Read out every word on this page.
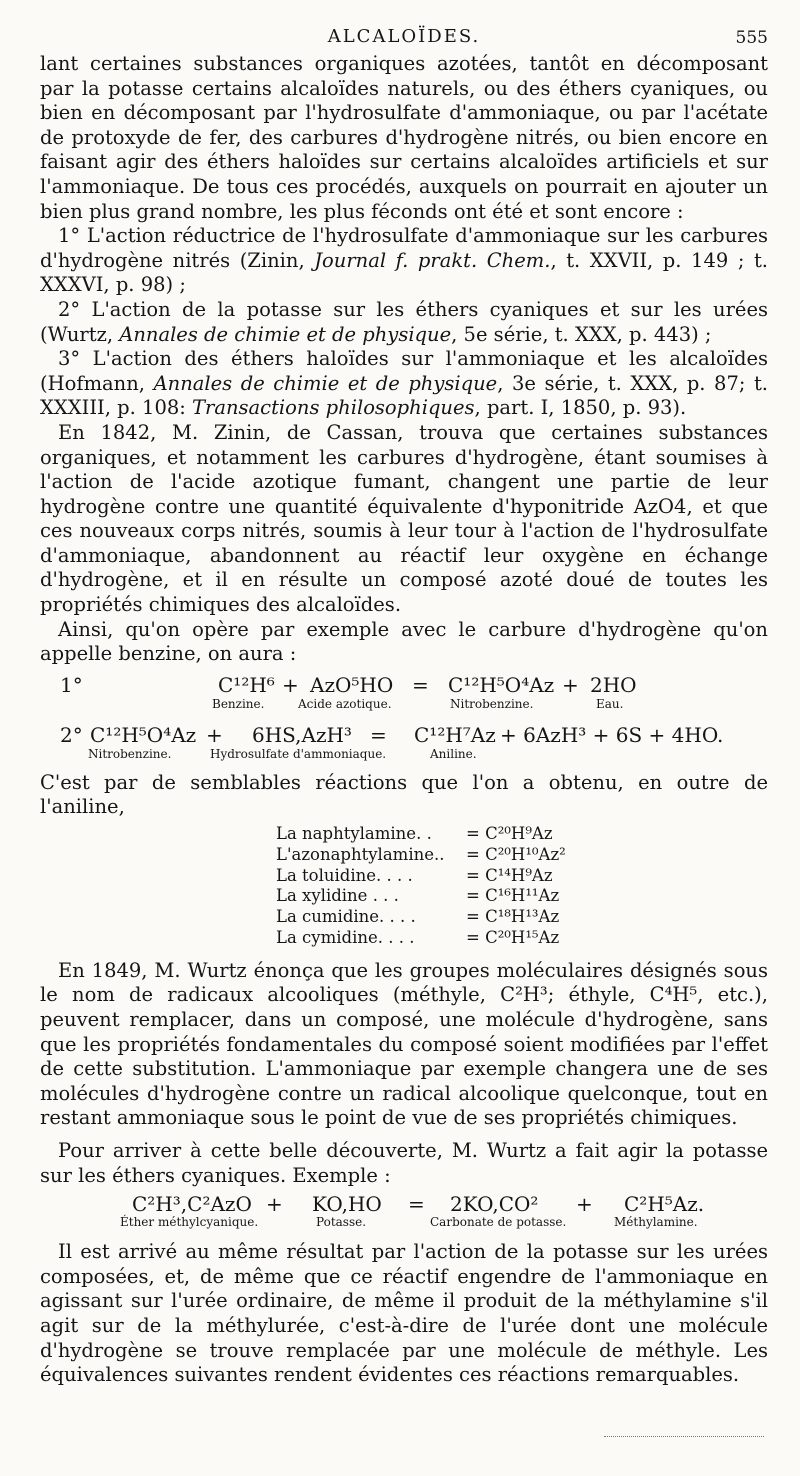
ALCALOÏDES.	555

lant certaines substances organiques azotées, tantôt en décomposant par la potasse certains alcaloïdes naturels, ou des éthers cyaniques, ou bien en décomposant par l'hydrosulfate d'ammoniaque, ou par l'acétate de protoxyde de fer, des carbures d'hydrogène nitrés, ou bien encore en faisant agir des éthers haloïdes sur certains alcaloïdes artificiels et sur l'ammoniaque. De tous ces procédés, auxquels on pourrait en ajouter un bien plus grand nombre, les plus féconds ont été et sont encore :

1° L'action réductrice de l'hydrosulfate d'ammoniaque sur les carbures d'hydrogène nitrés (Zinin, Journal f. prakt. Chem., t. XXVII, p. 149 ; t. XXXVI, p. 98) ;

2° L'action de la potasse sur les éthers cyaniques et sur les urées (Wurtz, Annales de chimie et de physique, 5e série, t. XXX, p. 443) ;

3° L'action des éthers haloïdes sur l'ammoniaque et les alcaloïdes (Hofmann, Annales de chimie et de physique, 3e série, t. XXX, p. 87; t. XXXIII, p. 108: Transactions philosophiques, part. I, 1850, p. 93).

En 1842, M. Zinin, de Cassan, trouva que certaines substances organiques, et notamment les carbures d'hydrogène, étant soumises à l'action de l'acide azotique fumant, changent une partie de leur hydrogène contre une quantité équivalente d'hyponitride AzO4, et que ces nouveaux corps nitrés, soumis à leur tour à l'action de l'hydrosulfate d'ammoniaque, abandonnent au réactif leur oxygène en échange d'hydrogène, et il en résulte un composé azoté doué de toutes les propriétés chimiques des alcaloïdes.

Ainsi, qu'on opère par exemple avec le carbure d'hydrogène qu'on appelle benzine, on aura :

1°	C¹²H⁶ + AzO⁵HO = C¹²H⁵O⁴Az + 2HO
Benzine.	Acide azotique.	Nitrobenzine.	Eau.
2° C¹²H⁵O⁴Az + 6HS,AzH³ = C¹²H⁷Az + 6AzH³ + 6S + 4HO.
Nitrobenzine.	Hydrosulfate d'ammoniaque.	Aniline.

C'est par de semblables réactions que l'on a obtenu, en outre de l'aniline,

La naphtylamine. .	= C²⁰H⁹Az
L'azonaphtylamine..	= C²⁰H¹⁰Az²
La toluidine. . . .	= C¹⁴H⁹Az
La xylidine . . .	= C¹⁶H¹¹Az
La cumidine. . . .	= C¹⁸H¹³Az
La cymidine. . . .	= C²⁰H¹⁵Az

En 1849, M. Wurtz énonça que les groupes moléculaires désignés sous le nom de radicaux alcooliques (méthyle, C²H³; éthyle, C⁴H⁵, etc.), peuvent remplacer, dans un composé, une molécule d'hydrogène, sans que les propriétés fondamentales du composé soient modifiées par l'effet de cette substitution. L'ammoniaque par exemple changera une de ses molécules d'hydrogène contre un radical alcoolique quelconque, tout en restant ammoniaque sous le point de vue de ses propriétés chimiques.

Pour arriver à cette belle découverte, M. Wurtz a fait agir la potasse sur les éthers cyaniques. Exemple :

C²H³,C²AzO + KO,HO = 2KO,CO² + C²H⁵Az.
Éther méthylcyanique.	Potasse.	Carbonate de potasse.	Méthylamine.

Il est arrivé au même résultat par l'action de la potasse sur les urées composées, et, de même que ce réactif engendre de l'ammoniaque en agissant sur l'urée ordinaire, de même il produit de la méthylamine s'il agit sur de la méthylurée, c'est-à-dire de l'urée dont une molécule d'hydrogène se trouve remplacée par une molécule de méthyle. Les équivalences suivantes rendent évidentes ces réactions remarquables.
